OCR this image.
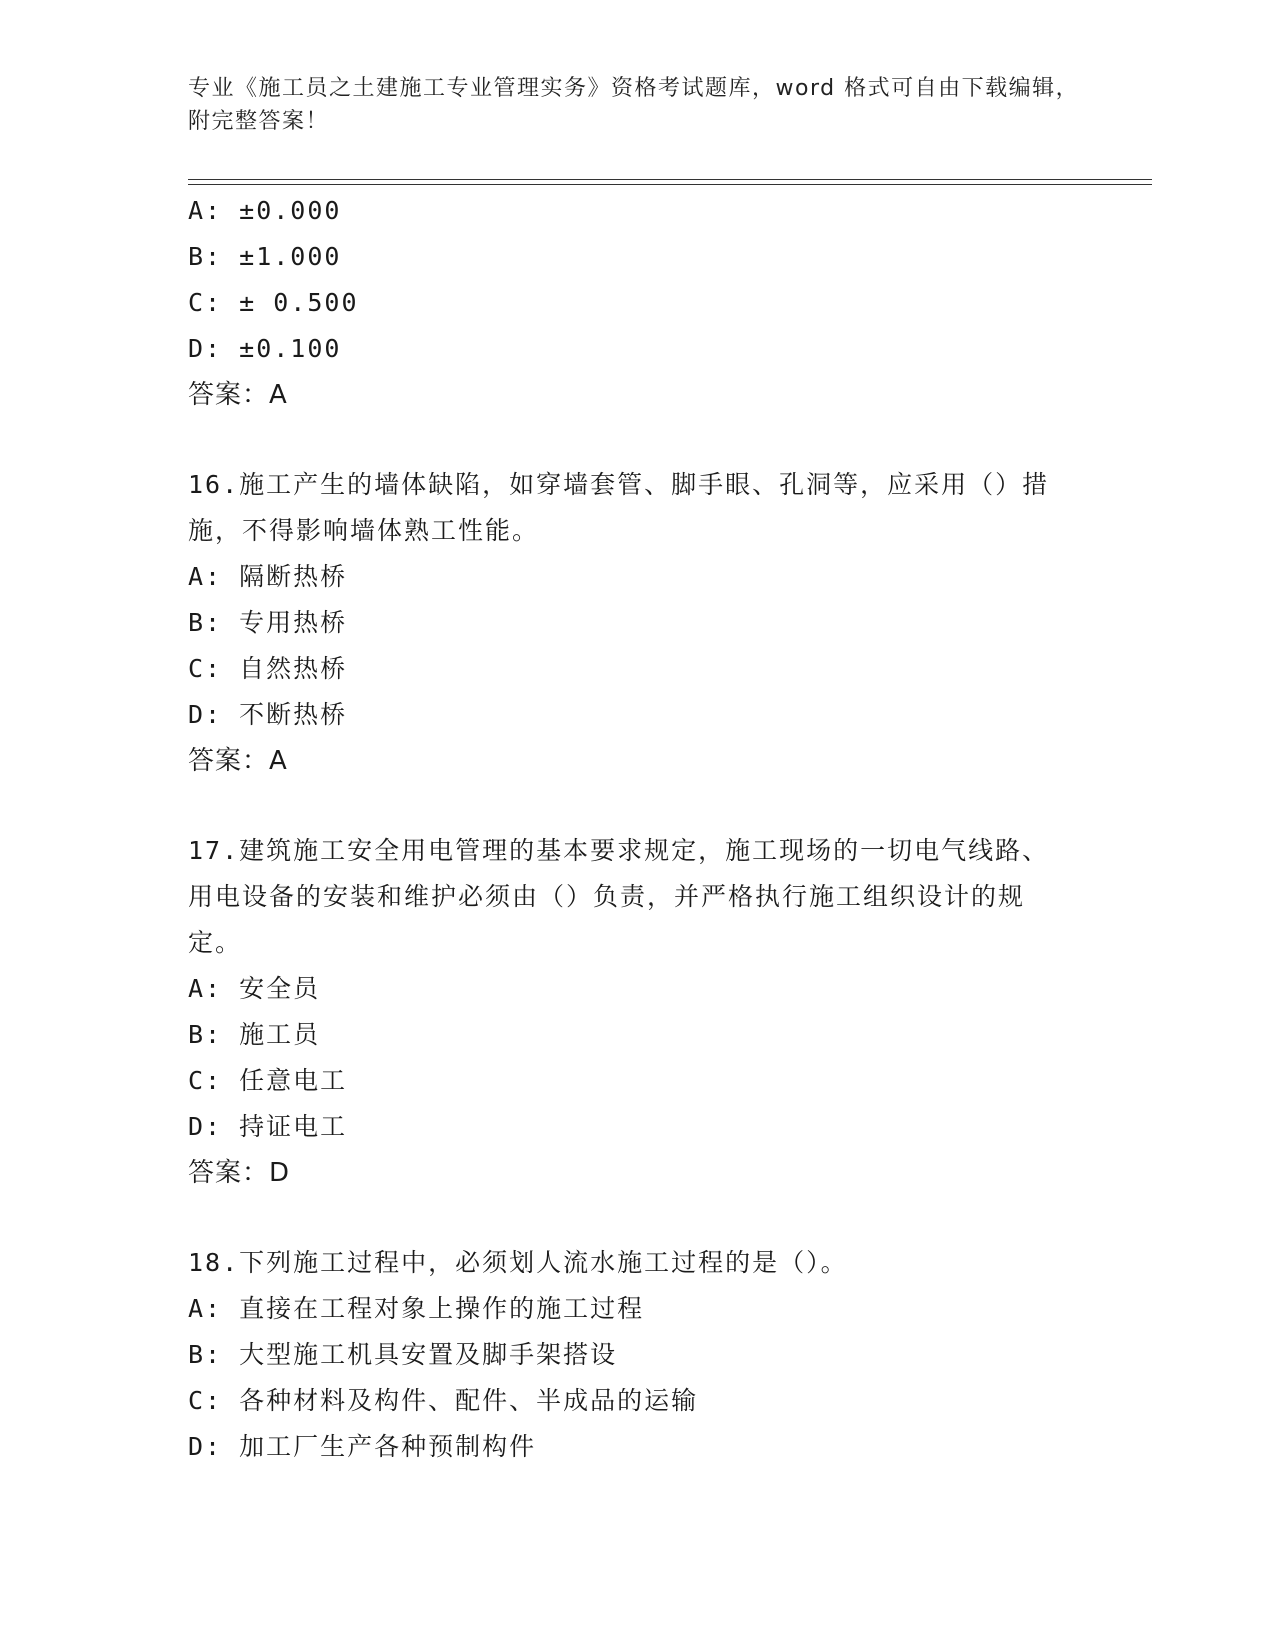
专业《施工员之土建施工专业管理实务》资格考试题库，word 格式可自由下载编辑，附完整答案！
A: ±0.000
B: ±1.000
C: ± 0.500
D: ±0.100
答案：A
16.施工产生的墙体缺陷，如穿墙套管、脚手眼、孔洞等，应采用（）措施，不得影响墙体熟工性能。
A: 隔断热桥
B: 专用热桥
C: 自然热桥
D: 不断热桥
答案：A
17.建筑施工安全用电管理的基本要求规定，施工现场的一切电气线路、用电设备的安装和维护必须由（）负责，并严格执行施工组织设计的规定。
A: 安全员
B: 施工员
C: 任意电工
D: 持证电工
答案：D
18.下列施工过程中，必须划人流水施工过程的是（）。
A: 直接在工程对象上操作的施工过程
B: 大型施工机具安置及脚手架搭设
C: 各种材料及构件、配件、半成品的运输
D: 加工厂生产各种预制构件
